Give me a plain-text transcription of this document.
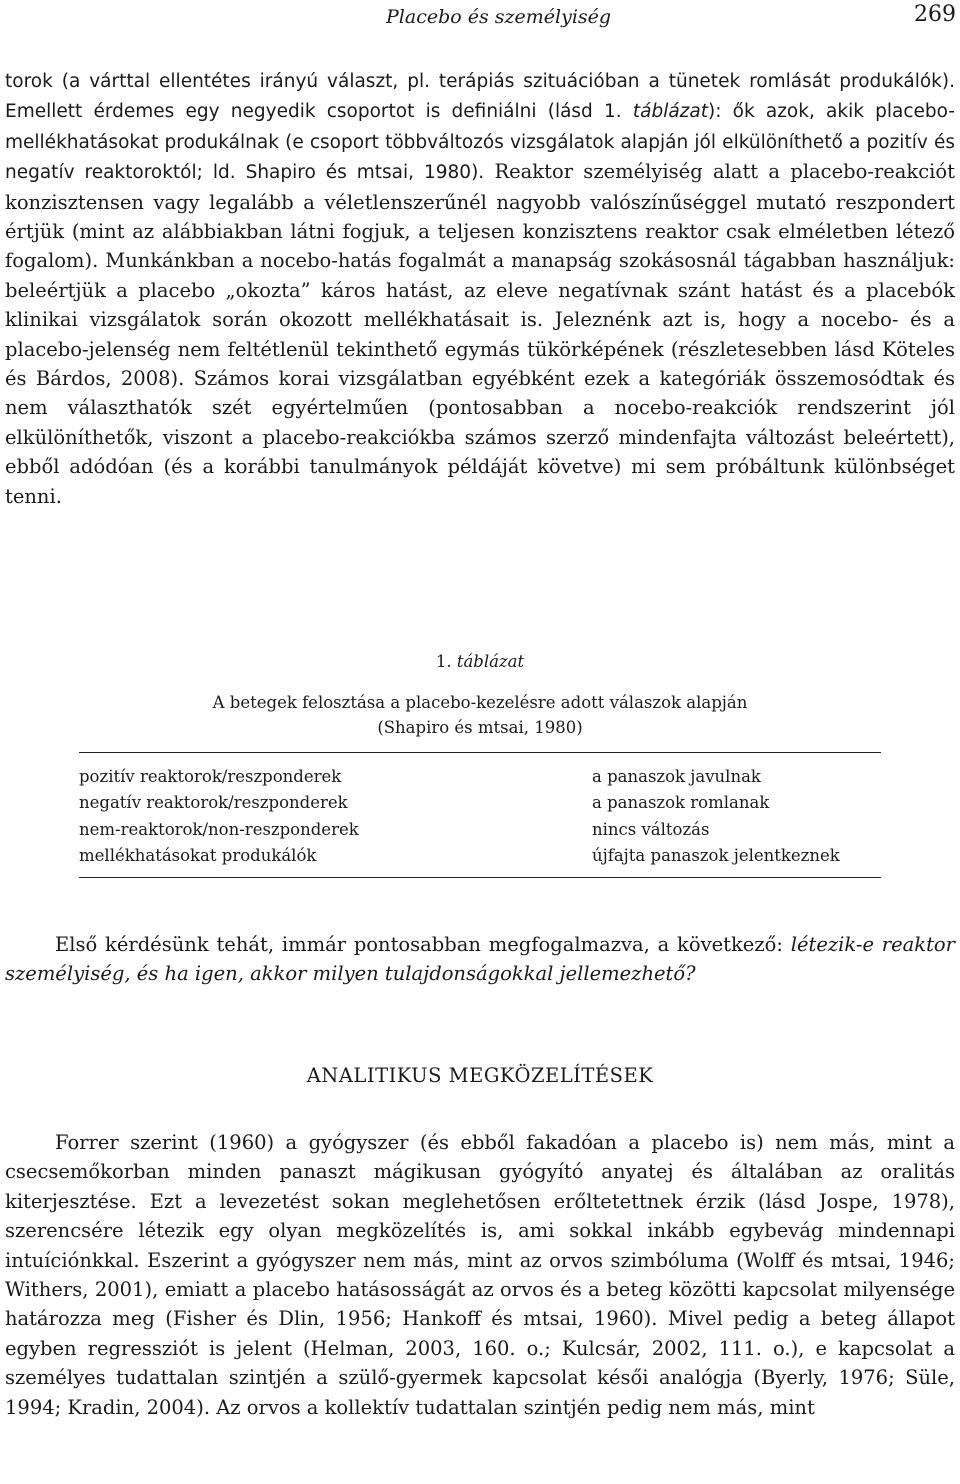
Placebo és személyiség	269

torok (a várttal ellentétes irányú választ, pl. terápiás szituációban a tünetek romlását produkálók). Emellett érdemes egy negyedik csoportot is definiálni (lásd 1. táblázat): ők azok, akik placebo-mellékhatásokat produkálnak (e csoport többváltozós vizsgálatok alapján jól elkülöníthető a pozitív és negatív reaktoroktól; ld. Shapiro és mtsai, 1980). Reaktor személyiség alatt a placebo-reakciót konzisztensen vagy legalább a véletlenszerűnél nagyobb valószínűséggel mutató reszpondert értjük (mint az alábbiakban látni fogjuk, a teljesen konzisztens reaktor csak elméletben létező fogalom). Munkánkban a nocebo-hatás fogalmát a manapság szokásosnál tágabban használjuk: beleértjük a placebo „okozta” káros hatást, az eleve negatívnak szánt hatást és a placebók klinikai vizsgálatok során okozott mellékhatásait is. Jeleznénk azt is, hogy a nocebo- és a placebo-jelenség nem feltétlenül tekinthető egymás tükörképének (részletesebben lásd Köteles és Bárdos, 2008). Számos korai vizsgálatban egyébként ezek a kategóriák összemosódtak és nem választhatók szét egyértelműen (pontosabban a nocebo-reakciók rendszerint jól elkülöníthetők, viszont a placebo-reakciókba számos szerző mindenfajta változást beleértett), ebből adódóan (és a korábbi tanulmányok példáját követve) mi sem próbáltunk különbséget tenni.

1. táblázat

A betegek felosztása a placebo-kezelésre adott válaszok alapján
(Shapiro és mtsai, 1980)
pozitív reaktorok/reszponderek	a panaszok javulnak
negatív reaktorok/reszponderek	a panaszok romlanak
nem-reaktorok/non-reszponderek	nincs változás
mellékhatásokat produkálók	újfajta panaszok jelentkeznek

Első kérdésünk tehát, immár pontosabban megfogalmazva, a következő: létezik-e reaktor személyiség, és ha igen, akkor milyen tulajdonságokkal jellemezhető?

ANALITIKUS MEGKÖZELÍTÉSEK

Forrer szerint (1960) a gyógyszer (és ebből fakadóan a placebo is) nem más, mint a csecsemőkorban minden panaszt mágikusan gyógyító anyatej és általában az oralitás kiterjesztése. Ezt a levezetést sokan meglehetősen erőltetettnek érzik (lásd Jospe, 1978), szerencsére létezik egy olyan megközelítés is, ami sokkal inkább egybevág mindennapi intuíciónkkal. Eszerint a gyógyszer nem más, mint az orvos szimbóluma (Wolff és mtsai, 1946; Withers, 2001), emiatt a placebo hatásosságát az orvos és a beteg közötti kapcsolat milyensége határozza meg (Fisher és Dlin, 1956; Hankoff és mtsai, 1960). Mivel pedig a beteg állapot egyben regressziót is jelent (Helman, 2003, 160. o.; Kulcsár, 2002, 111. o.), e kapcsolat a személyes tudattalan szintjén a szülő-gyermek kapcsolat késői analógja (Byerly, 1976; Süle, 1994; Kradin, 2004). Az orvos a kollektív tudattalan szintjén pedig nem más, mint
